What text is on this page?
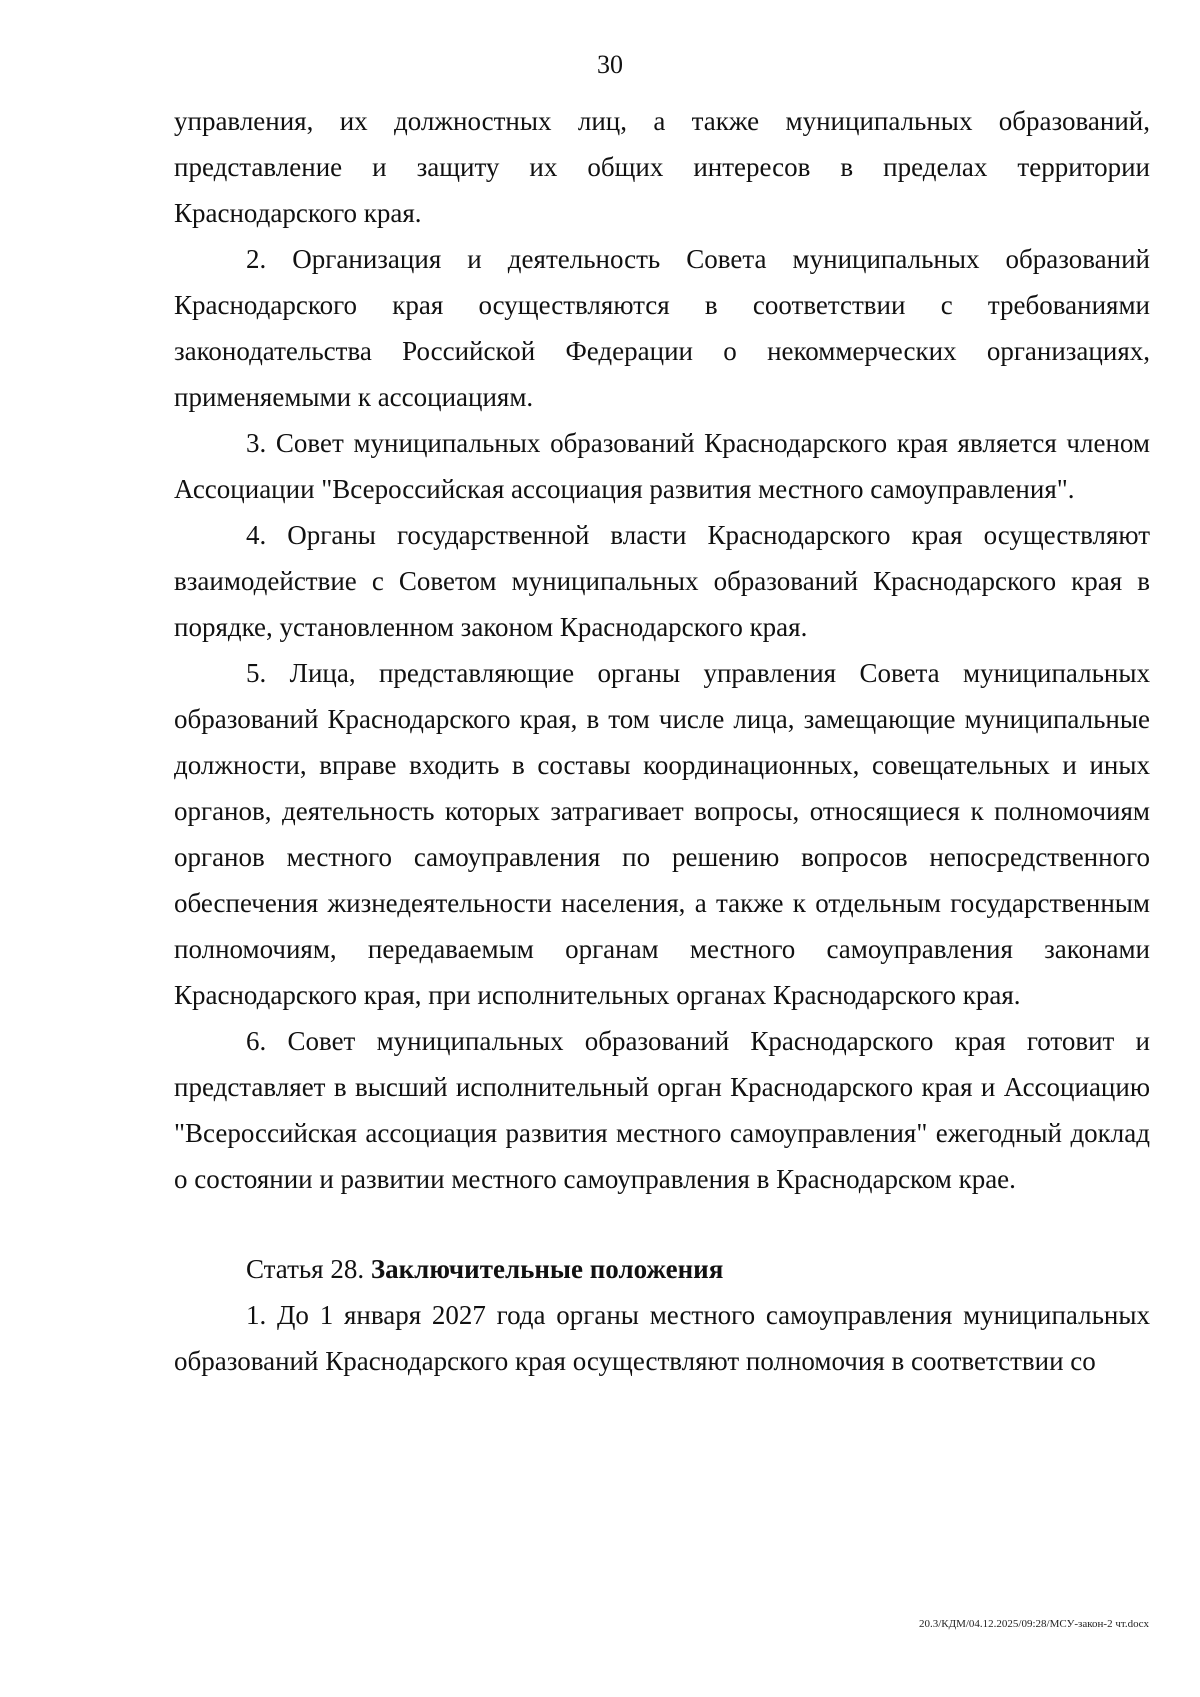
30

управления, их должностных лиц, а также муниципальных образований, представление и защиту их общих интересов в пределах территории Краснодарского края.

2. Организация и деятельность Совета муниципальных образований Краснодарского края осуществляются в соответствии с требованиями законодательства Российской Федерации о некоммерческих организациях, применяемыми к ассоциациям.

3. Совет муниципальных образований Краснодарского края является членом Ассоциации "Всероссийская ассоциация развития местного самоуправления".

4. Органы государственной власти Краснодарского края осуществляют взаимодействие с Советом муниципальных образований Краснодарского края в порядке, установленном законом Краснодарского края.

5. Лица, представляющие органы управления Совета муниципальных образований Краснодарского края, в том числе лица, замещающие муниципальные должности, вправе входить в составы координационных, совещательных и иных органов, деятельность которых затрагивает вопросы, относящиеся к полномочиям органов местного самоуправления по решению вопросов непосредственного обеспечения жизнедеятельности населения, а также к отдельным государственным полномочиям, передаваемым органам местного самоуправления законами Краснодарского края, при исполнительных органах Краснодарского края.

6. Совет муниципальных образований Краснодарского края готовит и представляет в высший исполнительный орган Краснодарского края и Ассоциацию "Всероссийская ассоциация развития местного самоуправления" ежегодный доклад о состоянии и развитии местного самоуправления в Краснодарском крае.

Статья 28. Заключительные положения

1. До 1 января 2027 года органы местного самоуправления муниципальных образований Краснодарского края осуществляют полномочия в соответствии со

20.3/КДМ/04.12.2025/09:28/МСУ-закон-2 чт.docx
